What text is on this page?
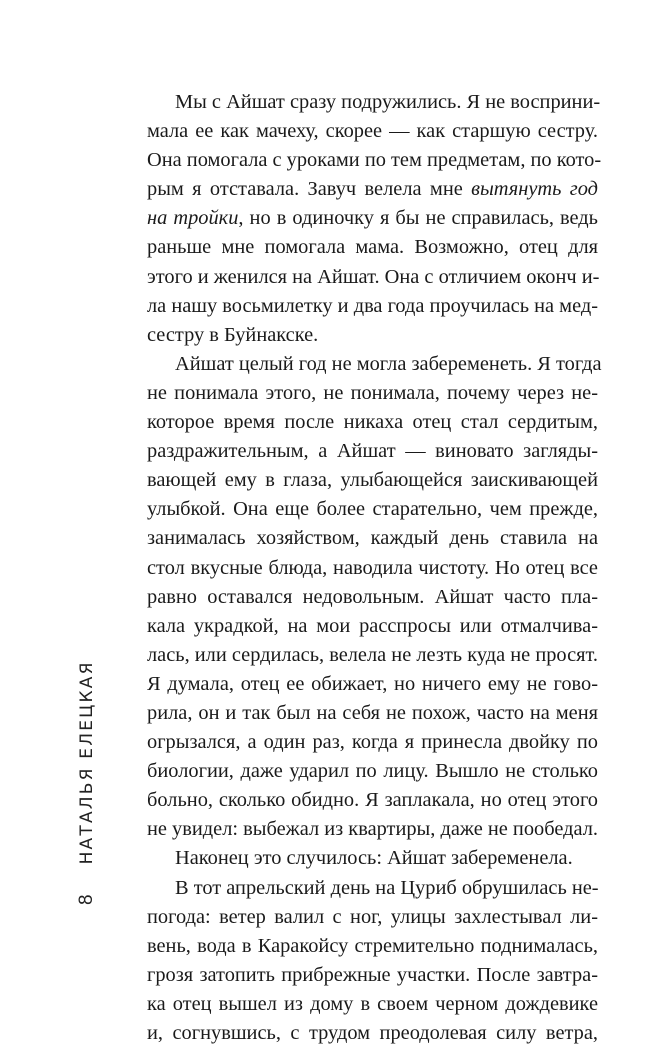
Мы с Айшат сразу подружились. Я не восприни-
мала ее как мачеху, скорее — как старшую сестру.
Она помогала с уроками по тем предметам, по кото-
рым я отставала. Завуч велела мне вытянуть год
на тройки, но в одиночку я бы не справилась, ведь
раньше мне помогала мама. Возможно, отец для
этого и женился на Айшат. Она с отличием оконч и-
ла нашу восьмилетку и два года проучилась на мед-
сестру в Буйнакске.

Айшат целый год не могла забеременеть. Я тогда
не понимала этого, не понимала, почему через не-
которое время после никаха отец стал сердитым,
раздражительным, а Айшат — виновато загляды-
вающей ему в глаза, улыбающейся заискивающей
улыбкой. Она еще более старательно, чем прежде,
занималась хозяйством, каждый день ставила на
стол вкусные блюда, наводила чистоту. Но отец все
равно оставался недовольным. Айшат часто пла-
кала украдкой, на мои расспросы или отмалчива-
лась, или сердилась, велела не лезть куда не просят.
Я думала, отец ее обижает, но ничего ему не гово-
рила, он и так был на себя не похож, часто на меня
огрызался, а один раз, когда я принесла двойку по
биологии, даже ударил по лицу. Вышло не столько
больно, сколько обидно. Я заплакала, но отец этого
не увидел: выбежал из квартиры, даже не пообедал.

Наконец это случилось: Айшат забеременела.

В тот апрельский день на Цуриб обрушилась не-
погода: ветер валил с ног, улицы захлестывал ли-
вень, вода в Каракойсу стремительно поднималась,
грозя затопить прибрежные участки. После завтра-
ка отец вышел из дому в своем черном дождевике
и, согнувшись, с трудом преодолевая силу ветра,

8
НАТАЛЬЯ ЕЛЕЦКАЯ
